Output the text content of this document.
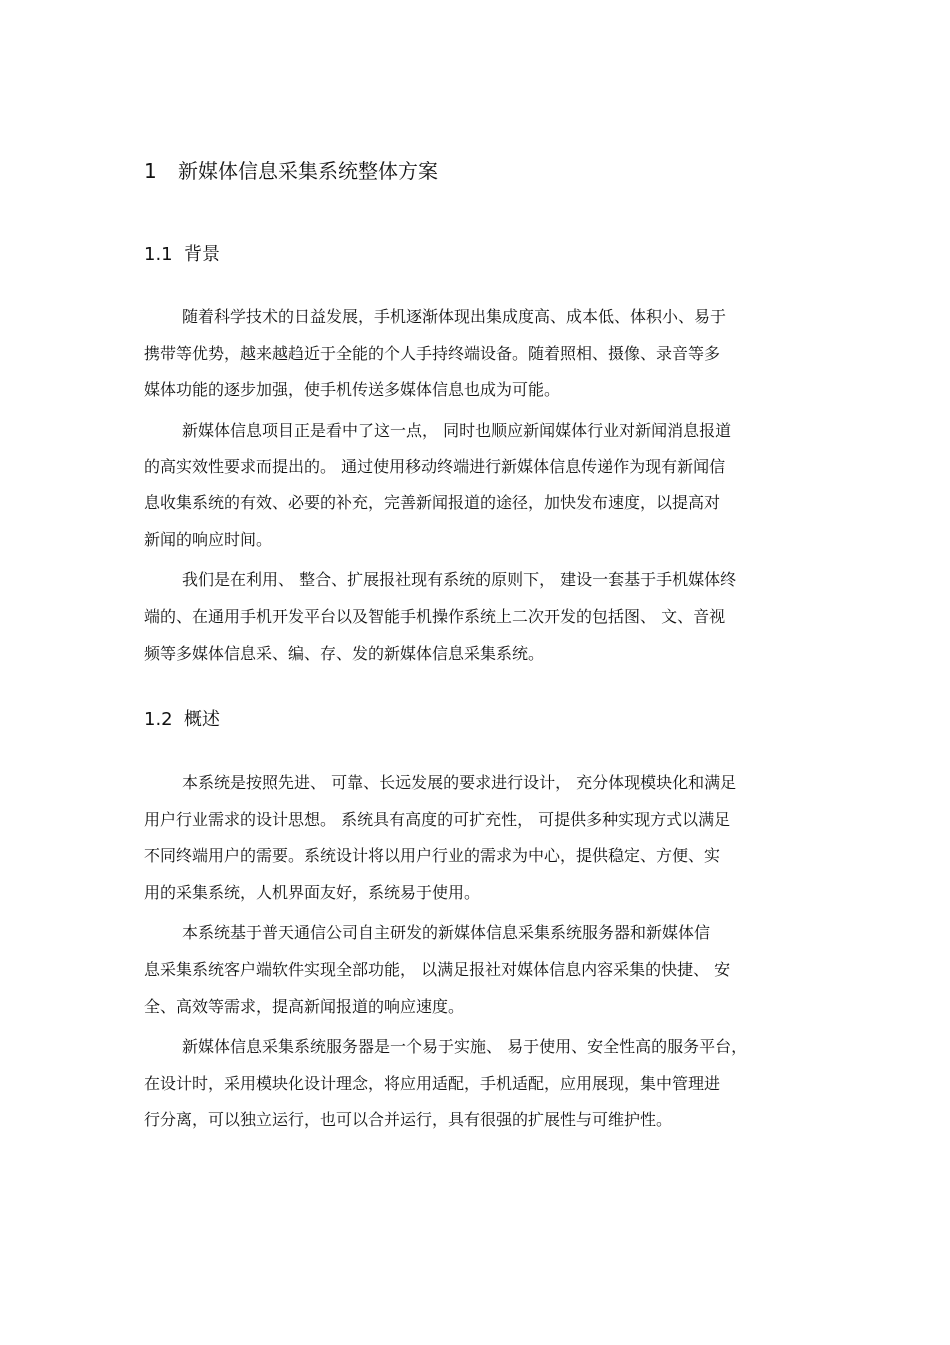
1 新媒体信息采集系统整体方案
1.1 背景
随着科学技术的日益发展，手机逐渐体现出集成度高、成本低、体积小、易于
携带等优势，越来越趋近于全能的个人手持终端设备。随着照相、摄像、录音等多
媒体功能的逐步加强，使手机传送多媒体信息也成为可能。
新媒体信息项目正是看中了这一点， 同时也顺应新闻媒体行业对新闻消息报道
的高实效性要求而提出的。 通过使用移动终端进行新媒体信息传递作为现有新闻信
息收集系统的有效、必要的补充，完善新闻报道的途径，加快发布速度，以提高对
新闻的响应时间。
我们是在利用、 整合、扩展报社现有系统的原则下， 建设一套基于手机媒体终
端的、在通用手机开发平台以及智能手机操作系统上二次开发的包括图、 文、音视
频等多媒体信息采、编、存、发的新媒体信息采集系统。
1.2 概述
本系统是按照先进、 可靠、长远发展的要求进行设计， 充分体现模块化和满足
用户行业需求的设计思想。 系统具有高度的可扩充性， 可提供多种实现方式以满足
不同终端用户的需要。系统设计将以用户行业的需求为中心，提供稳定、方便、实
用的采集系统，人机界面友好，系统易于使用。
本系统基于普天通信公司自主研发的新媒体信息采集系统服务器和新媒体信
息采集系统客户端软件实现全部功能， 以满足报社对媒体信息内容采集的快捷、 安
全、高效等需求，提高新闻报道的响应速度。
新媒体信息采集系统服务器是一个易于实施、 易于使用、安全性高的服务平台，
在设计时，采用模块化设计理念，将应用适配，手机适配，应用展现，集中管理进
行分离，可以独立运行，也可以合并运行，具有很强的扩展性与可维护性。
